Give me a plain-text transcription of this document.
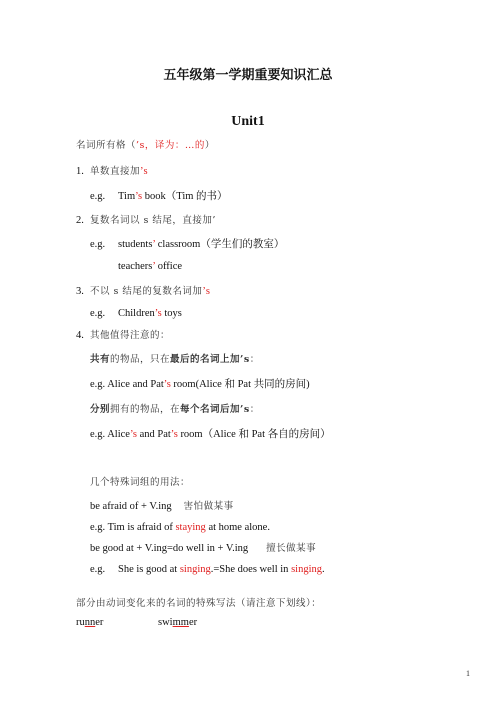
五年级第一学期重要知识汇总
Unit1
名词所有格（’s，译为：…的）
1. 单数直接加’s
e.g. Tim’s book（Tim 的书）
2. 复数名词以 s 结尾，直接加’
e.g. students’ classroom（学生们的教室）
teachers’ office
3. 不以 s 结尾的复数名词加’s
e.g. Children’s toys
4. 其他值得注意的：
共有的物品，只在最后的名词上加’s：
e.g. Alice and Pat’s room(Alice 和 Pat 共同的房间)
分别拥有的物品，在每个名词后加’s：
e.g. Alice’s and Pat’s room（Alice 和 Pat 各自的房间）
几个特殊词组的用法：
be afraid of + V.ing 害怕做某事
e.g. Tim is afraid of staying at home alone.
be good at + V.ing=do well in + V.ing 擅长做某事
e.g. She is good at singing.=She does well in singing.
部分由动词变化来的名词的特殊写法（请注意下划线）：
runner	swimmer
1
